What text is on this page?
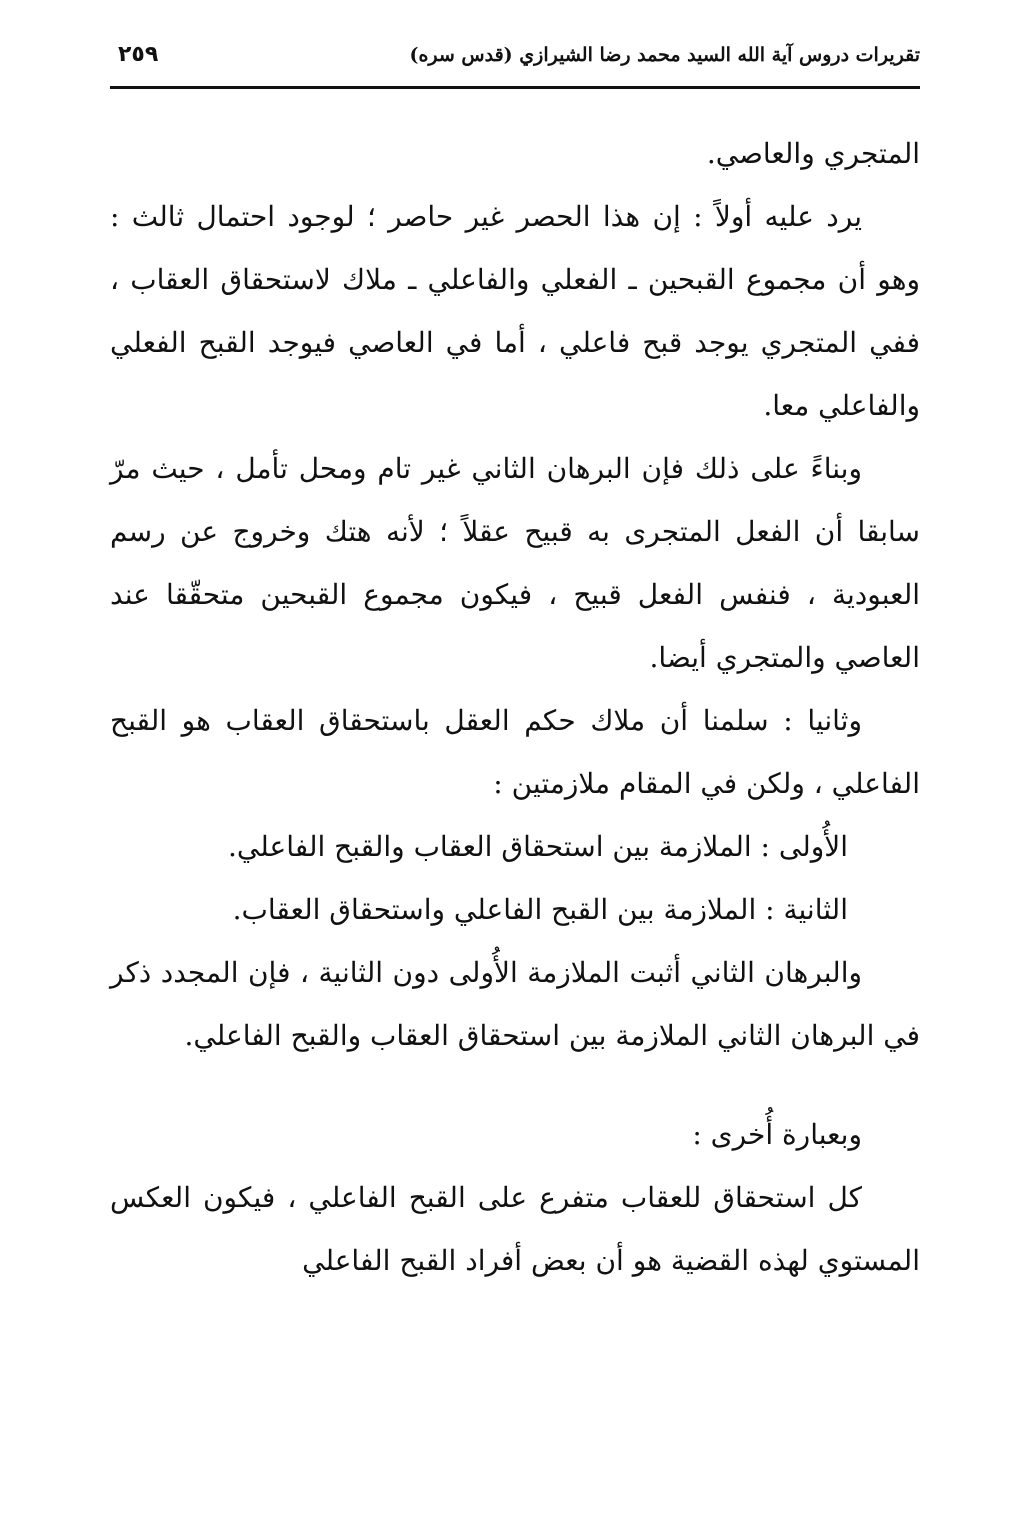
تقريرات دروس آية الله السيد محمد رضا الشيرازي (قدس سره)
٢٥٩

المتجري والعاصي.

يرد عليه أولاً : إن هذا الحصر غير حاصر ؛ لوجود احتمال ثالث : وهو أن مجموع القبحين ـ الفعلي والفاعلي ـ ملاك لاستحقاق العقاب ، ففي المتجري يوجد قبح فاعلي ، أما في العاصي فيوجد القبح الفعلي والفاعلي معا.

وبناءً على ذلك فإن البرهان الثاني غير تام ومحل تأمل ، حيث مرّ سابقا أن الفعل المتجرى به قبيح عقلاً ؛ لأنه هتك وخروج عن رسم العبودية ، فنفس الفعل قبيح ، فيكون مجموع القبحين متحقّقا عند العاصي والمتجري أيضا.

وثانيا : سلمنا أن ملاك حكم العقل باستحقاق العقاب هو القبح الفاعلي ، ولكن في المقام ملازمتين :

الأُولى : الملازمة بين استحقاق العقاب والقبح الفاعلي.

الثانية : الملازمة بين القبح الفاعلي واستحقاق العقاب.

والبرهان الثاني أثبت الملازمة الأُولى دون الثانية ، فإن المجدد ذكر في البرهان الثاني الملازمة بين استحقاق العقاب والقبح الفاعلي.

وبعبارة أُخرى :

كل استحقاق للعقاب متفرع على القبح الفاعلي ، فيكون العكس المستوي لهذه القضية هو أن بعض أفراد القبح الفاعلي
